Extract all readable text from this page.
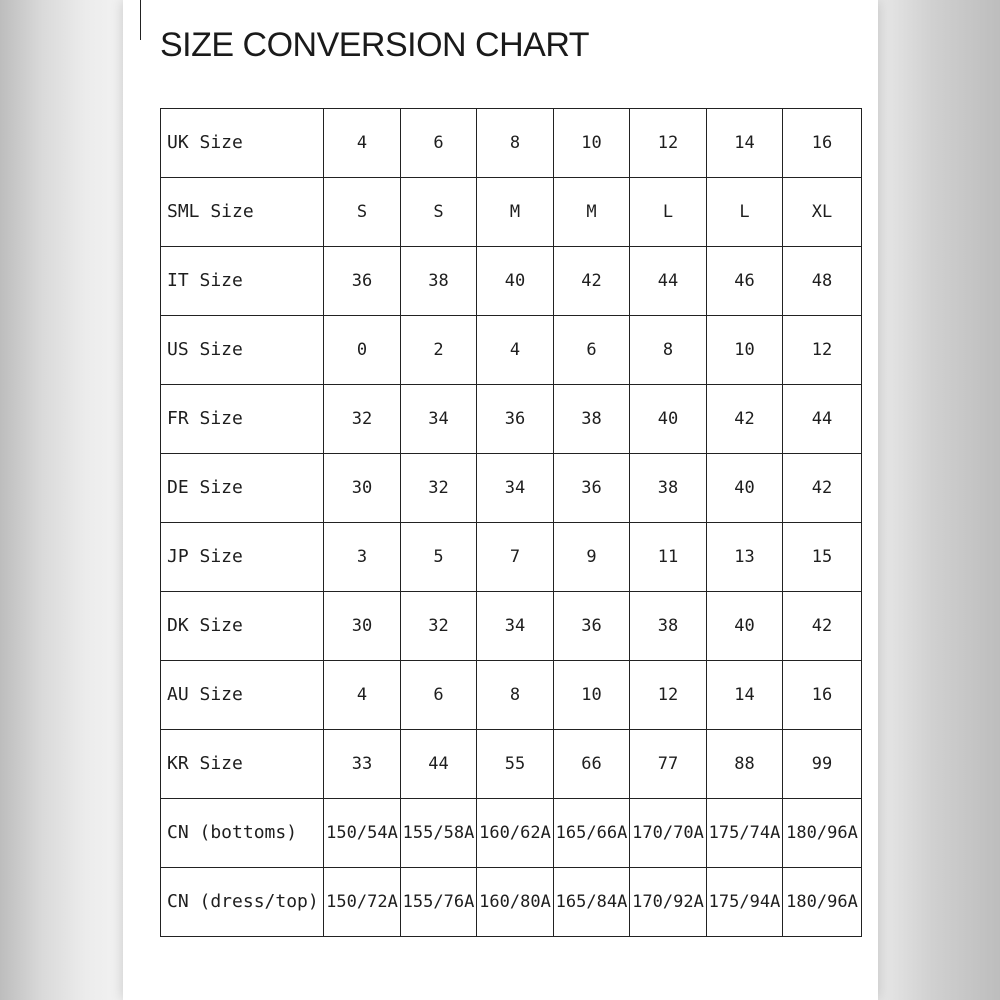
SIZE CONVERSION CHART
UK Size	4	6	8	10	12	14	16

SML Size	S	S	M	M	L	L	XL

IT Size	36	38	40	42	44	46	48

US Size	0	2	4	6	8	10	12

FR Size	32	34	36	38	40	42	44

DE Size	30	32	34	36	38	40	42

JP Size	3	5	7	9	11	13	15

DK Size	30	32	34	36	38	40	42

AU Size	4	6	8	10	12	14	16

KR Size	33	44	55	66	77	88	99

CN (bottoms)	150/54A	155/58A	160/62A	165/66A	170/70A	175/74A	180/96A

CN (dress/top)	150/72A	155/76A	160/80A	165/84A	170/92A	175/94A	180/96A
